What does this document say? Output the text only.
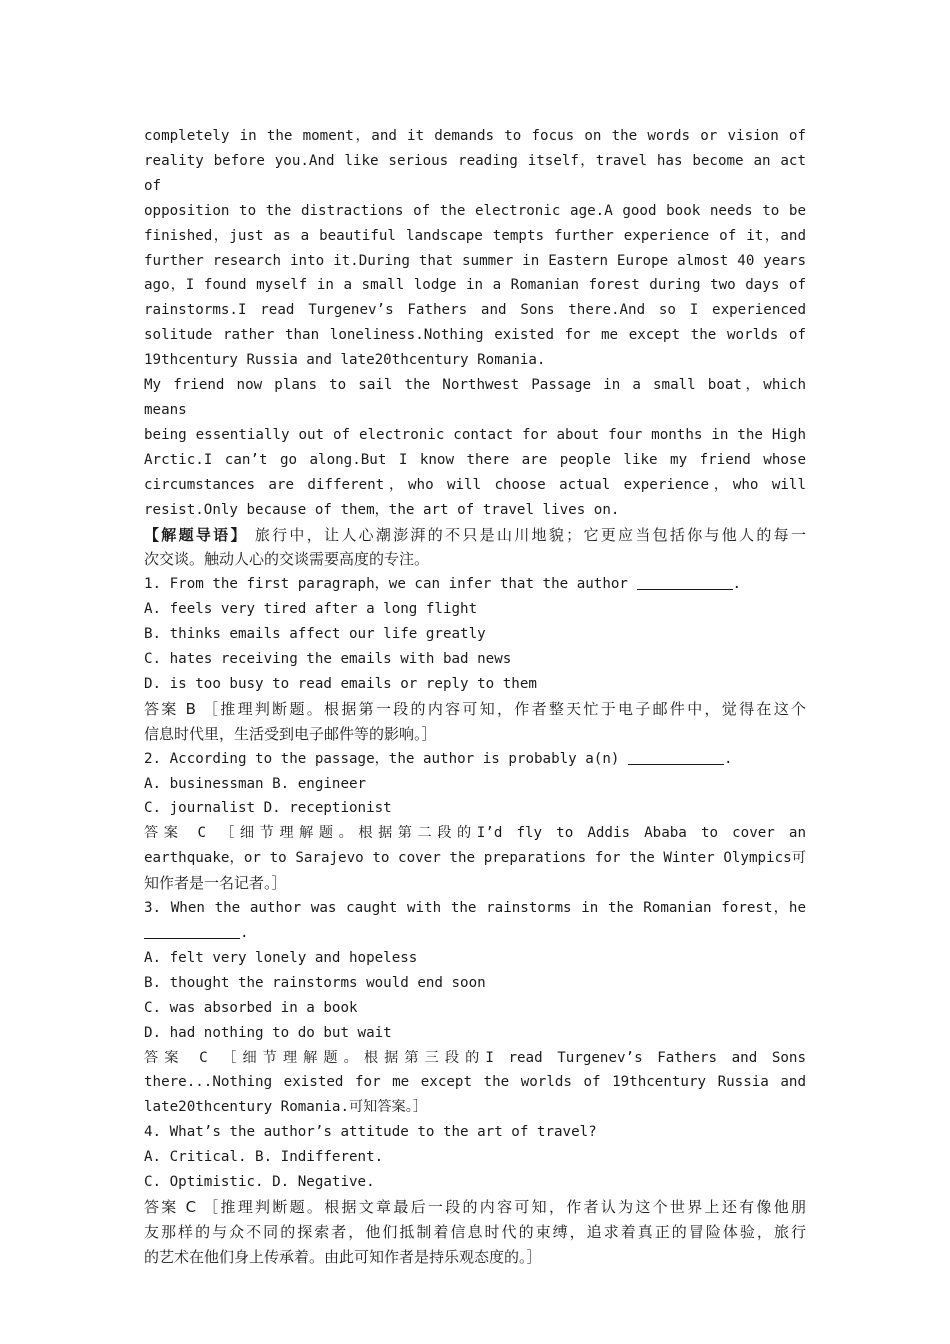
completely in the moment，and it demands to focus on the words or vision of
reality before you.And like serious reading itself，travel has become an act of
opposition to the distractions of the electronic age.A good book needs to be
finished，just as a beautiful landscape tempts further experience of it，and
further research into it.During that summer in Eastern Europe almost 40 years
ago，I found myself in a small lodge in a Romanian forest during two days of
rainstorms.I read Turgenev’s Fathers and Sons there.And so I experienced
solitude rather than loneliness.Nothing existed for me except the worlds of
19thcentury Russia and late20thcentury Romania.
My friend now plans to sail the Northwest Passage in a small boat，which means
being essentially out of electronic contact for about four months in the High
Arctic.I can’t go along.But I know there are people like my friend whose
circumstances are different，who will choose actual experience，who will
resist.Only because of them，the art of travel lives on.
【解题导语】 旅行中，让人心潮澎湃的不只是山川地貌；它更应当包括你与他人的每一
次交谈。触动人心的交谈需要高度的专注。
1. From the first paragraph，we can infer that the author	.
A. feels very tired after a long flight
B. thinks emails affect our life greatly
C. hates receiving the emails with bad news
D. is too busy to read emails or reply to them
答案 B ［推理判断题。根据第一段的内容可知，作者整天忙于电子邮件中，觉得在这个
信息时代里，生活受到电子邮件等的影响。］
2. According to the passage，the author is probably a(n)	.
A. businessman B. engineer
C. journalist D. receptionist
答案 C ［细节理解题。根据第二段的I’d fly to Addis Ababa to cover an
earthquake，or to Sarajevo to cover the preparations for the Winter Olympics可
知作者是一名记者。］
3. When the author was caught with the rainstorms in the Romanian forest，he
.
A. felt very lonely and hopeless
B. thought the rainstorms would end soon
C. was absorbed in a book
D. had nothing to do but wait
答案 C ［细节理解题。根据第三段的I read Turgenev’s Fathers and Sons
there...Nothing existed for me except the worlds of 19thcentury Russia and
late20thcentury Romania.可知答案。］
4. What’s the author’s attitude to the art of travel?
A. Critical. B. Indifferent.
C. Optimistic. D. Negative.
答案 C ［推理判断题。根据文章最后一段的内容可知，作者认为这个世界上还有像他朋
友那样的与众不同的探索者，他们抵制着信息时代的束缚，追求着真正的冒险体验，旅行
的艺术在他们身上传承着。由此可知作者是持乐观态度的。］
